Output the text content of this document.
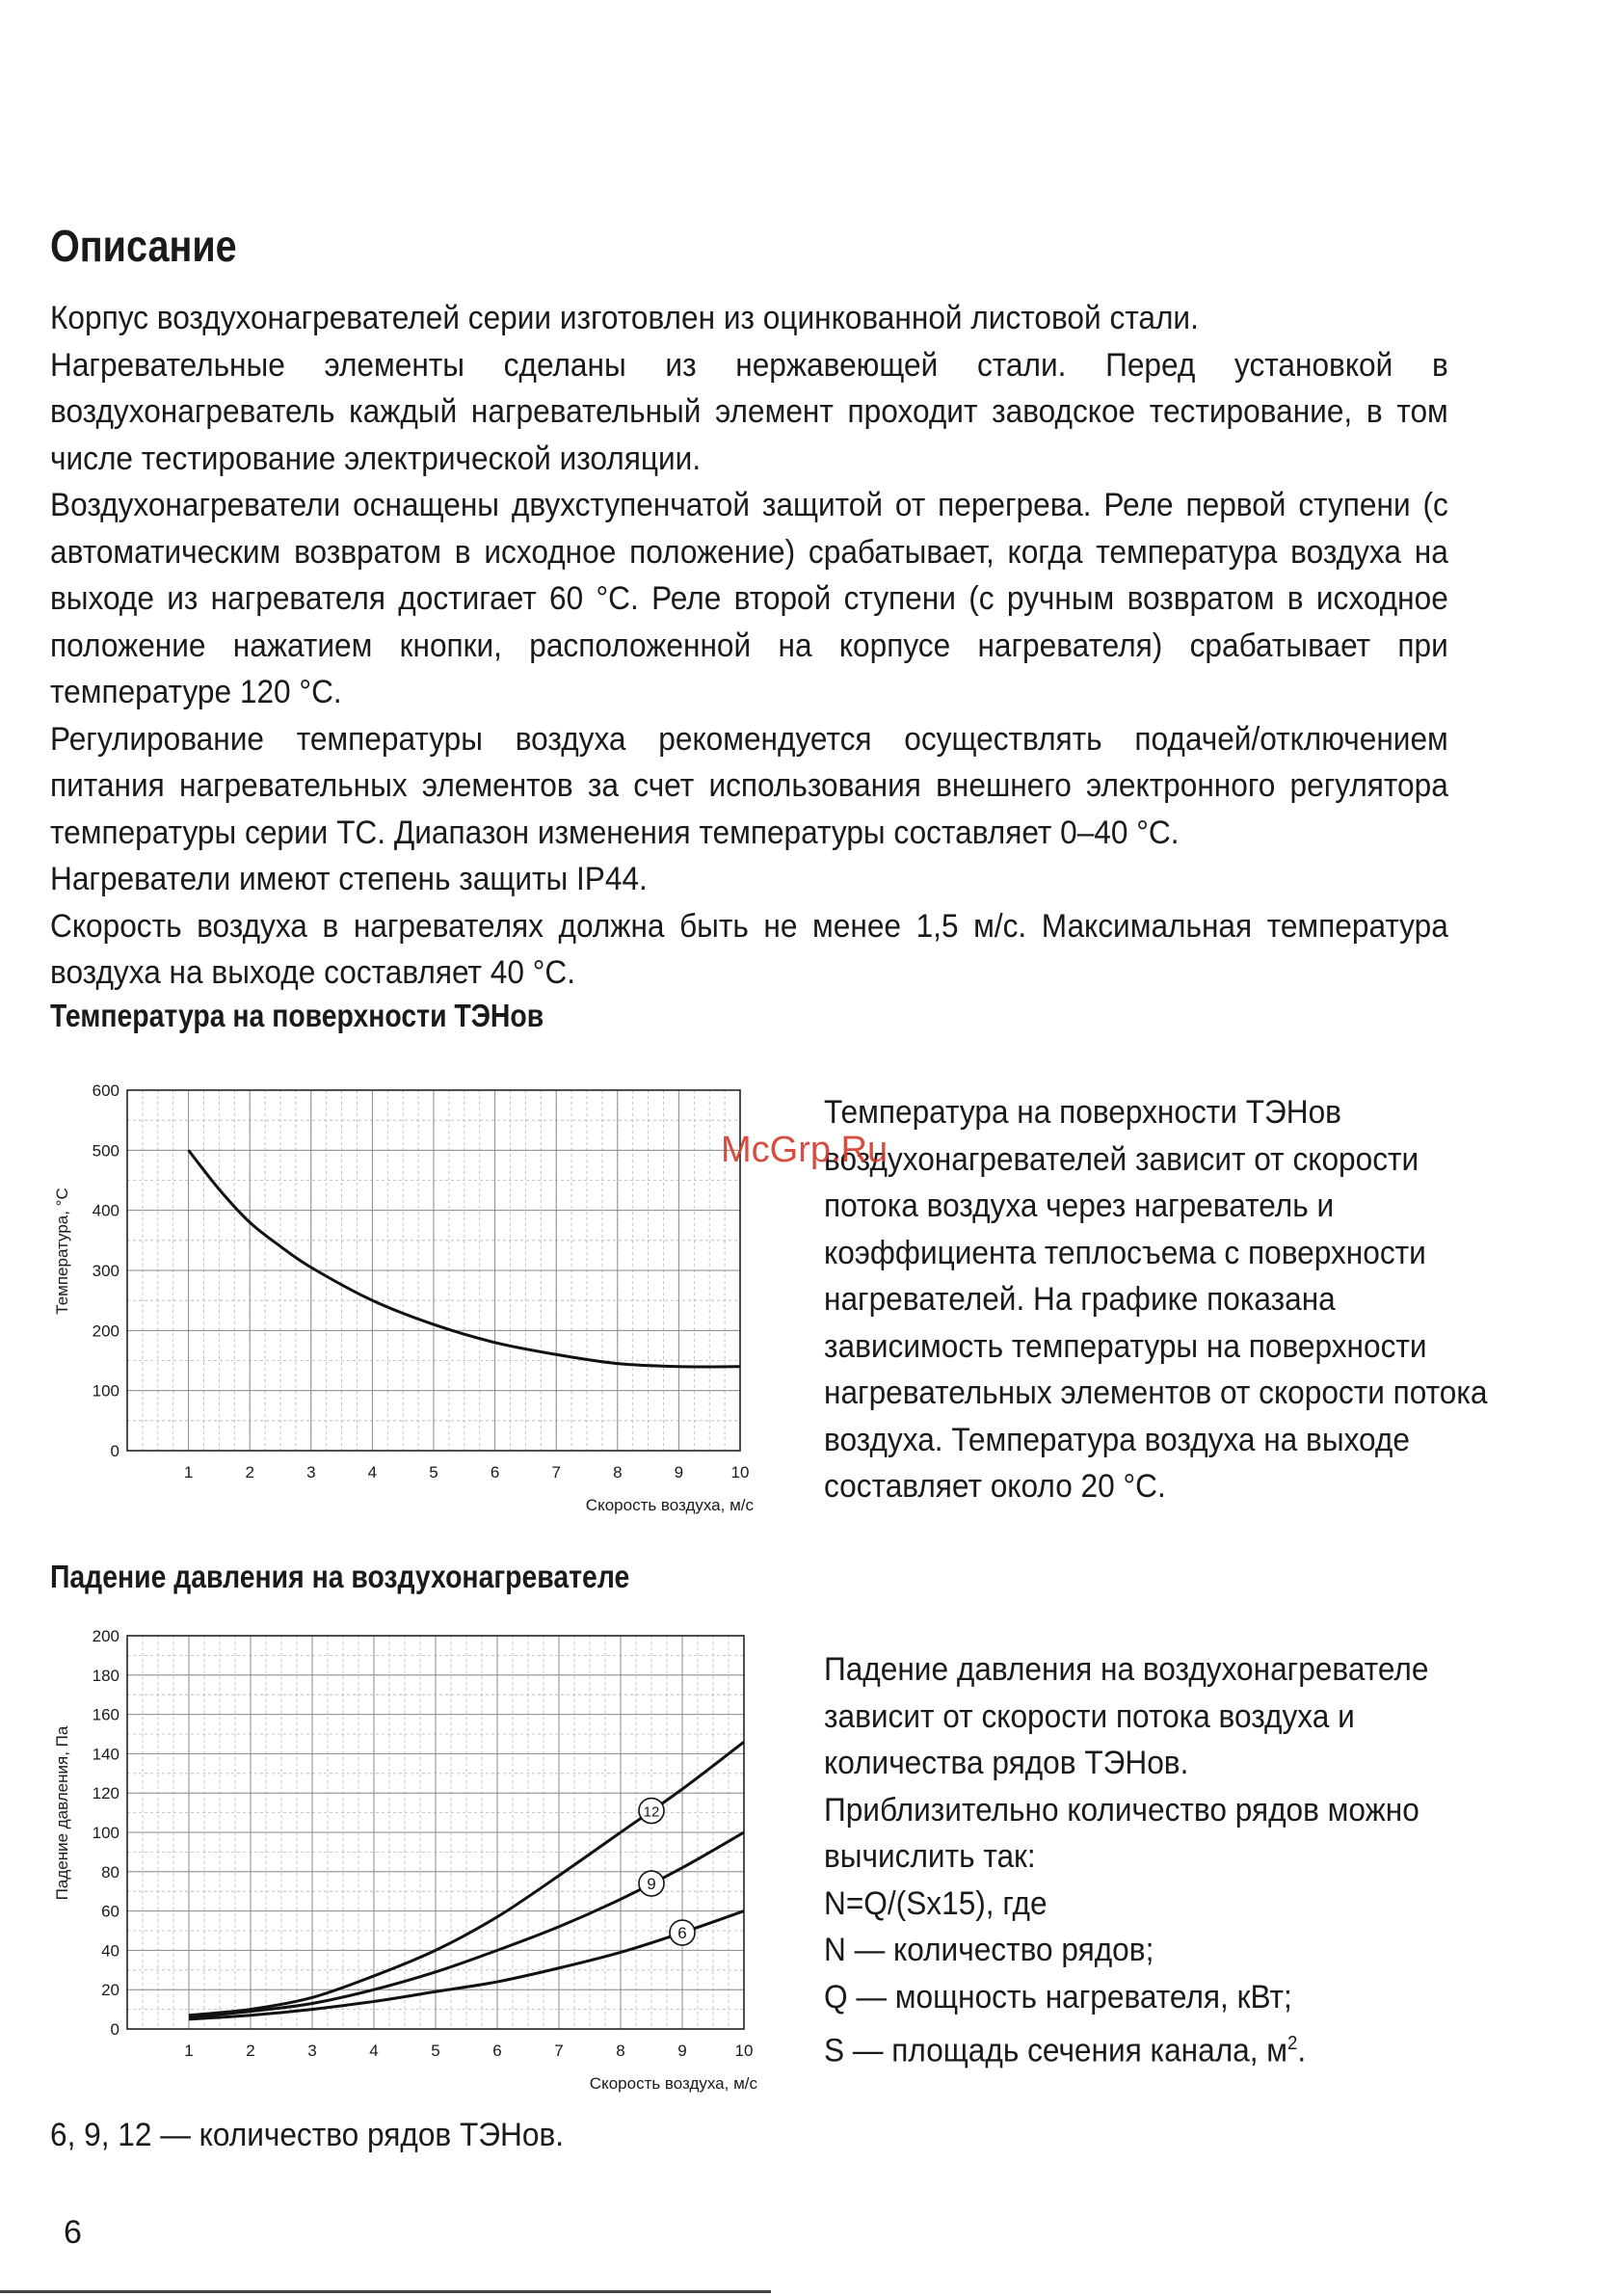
Описание

Корпус воздухонагревателей серии изготовлен из оцинкованной листовой стали.

Нагревательные элементы сделаны из нержавеющей стали. Перед установкой в воздухонагреватель каждый нагревательный элемент проходит заводское тестирование, в том числе тестирование электрической изоляции.

Воздухонагреватели оснащены двухступенчатой защитой от перегрева. Реле первой ступени (с автоматическим возвратом в исходное положение) срабатывает, когда температура воздуха на выходе из нагревателя достигает 60 °С. Реле второй ступени (с ручным возвратом в исходное положение нажатием кнопки, расположенной на корпусе нагревателя) срабатывает при температуре 120 °С.

Регулирование температуры воздуха рекомендуется осуществлять подачей/отключением питания нагревательных элементов за счет использования внешнего электронного регулятора температуры серии ТС. Диапазон изменения температуры составляет 0–40 °С.

Нагреватели имеют степень защиты IP44.

Скорость воздуха в нагревателях должна быть не менее 1,5 м/с. Максимальная температура воздуха на выходе составляет 40 °С.

Температура на поверхности ТЭНов
1	2	3	4	5	6	7	8	9	10
0
100
200
300
400
500
600
Скорость воздуха, м/с
Температура, °С

Температура на поверхности ТЭНов воздухонагревателей зависит от скорости потока воздуха через нагреватель и коэффициента теплосъема с поверхности нагревателей. На графике показана зависимость температуры на поверхности нагревательных элементов от скорости потока воздуха. Температура воздуха на выходе составляет около 20 °С.

McGrp.Ru
Падение давления на воздухонагревателе
1	2	3	4	5	6	7	8	9	10
0
20
40
60
80
100
120
140
160
180
200
Скорость воздуха, м/с
Падение давления, Па	12
9
6

Падение давления на воздухонагревателе зависит от скорости потока воздуха и количества рядов ТЭНов.

Приблизительно количество рядов можно вычислить так:

N=Q/(Sx15), где

N — количество рядов;

Q — мощность нагревателя, кВт;

S — площадь сечения канала, $м^2$.

6, 9, 12 — количество рядов ТЭНов.
6
